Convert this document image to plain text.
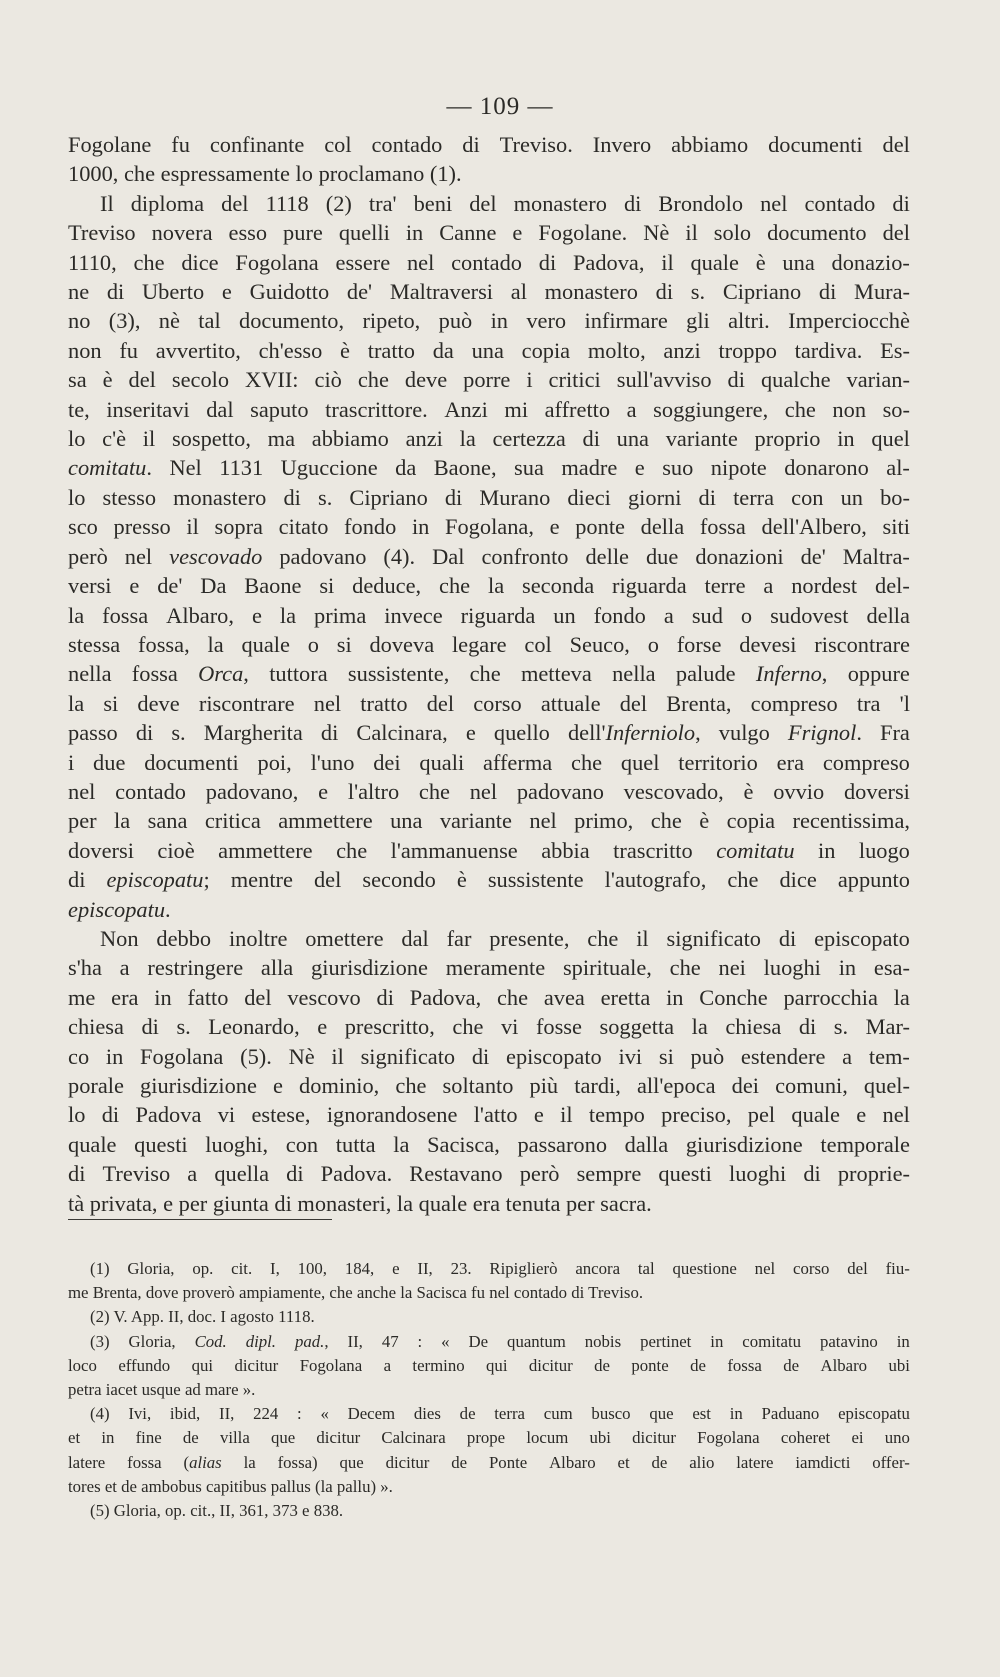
— 109 —
Fogolane fu confinante col contado di Treviso. Invero abbiamo documenti del
1000, che espressamente lo proclamano (1).
Il diploma del 1118 (2) tra' beni del monastero di Brondolo nel contado di
Treviso novera esso pure quelli in Canne e Fogolane. Nè il solo documento del
1110, che dice Fogolana essere nel contado di Padova, il quale è una donazio-
ne di Uberto e Guidotto de' Maltraversi al monastero di s. Cipriano di Mura-
no (3), nè tal documento, ripeto, può in vero infirmare gli altri. Imperciocchè
non fu avvertito, ch'esso è tratto da una copia molto, anzi troppo tardiva. Es-
sa è del secolo XVII: ciò che deve porre i critici sull'avviso di qualche varian-
te, inseritavi dal saputo trascrittore. Anzi mi affretto a soggiungere, che non so-
lo c'è il sospetto, ma abbiamo anzi la certezza di una variante proprio in quel
comitatu. Nel 1131 Uguccione da Baone, sua madre e suo nipote donarono al-
lo stesso monastero di s. Cipriano di Murano dieci giorni di terra con un bo-
sco presso il sopra citato fondo in Fogolana, e ponte della fossa dell'Albero, siti
però nel vescovado padovano (4). Dal confronto delle due donazioni de' Maltra-
versi e de' Da Baone si deduce, che la seconda riguarda terre a nordest del-
la fossa Albaro, e la prima invece riguarda un fondo a sud o sudovest della
stessa fossa, la quale o si doveva legare col Seuco, o forse devesi riscontrare
nella fossa Orca, tuttora sussistente, che metteva nella palude Inferno, oppure
la si deve riscontrare nel tratto del corso attuale del Brenta, compreso tra 'l
passo di s. Margherita di Calcinara, e quello dell'Inferniolo, vulgo Frignol. Fra
i due documenti poi, l'uno dei quali afferma che quel territorio era compreso
nel contado padovano, e l'altro che nel padovano vescovado, è ovvio doversi
per la sana critica ammettere una variante nel primo, che è copia recentissima,
doversi cioè ammettere che l'ammanuense abbia trascritto comitatu in luogo
di episcopatu; mentre del secondo è sussistente l'autografo, che dice appunto
episcopatu .
Non debbo inoltre omettere dal far presente, che il significato di episcopato
s'ha a restringere alla giurisdizione meramente spirituale, che nei luoghi in esa-
me era in fatto del vescovo di Padova, che avea eretta in Conche parrocchia la
chiesa di s. Leonardo, e prescritto, che vi fosse soggetta la chiesa di s. Mar-
co in Fogolana (5). Nè il significato di episcopato ivi si può estendere a tem-
porale giurisdizione e dominio, che soltanto più tardi, all'epoca dei comuni, quel-
lo di Padova vi estese, ignorandosene l'atto e il tempo preciso, pel quale e nel
quale questi luoghi, con tutta la Sacisca, passarono dalla giurisdizione temporale
di Treviso a quella di Padova. Restavano però sempre questi luoghi di proprie-
tà privata, e per giunta di monasteri, la quale era tenuta per sacra.
(1) Gloria, op. cit. I, 100, 184, e II, 23. Ripiglierò ancora tal questione nel corso del fiu-
me Brenta, dove proverò ampiamente, che anche la Sacisca fu nel contado di Treviso.
(2) V. App. II, doc. I agosto 1118.
(3) Gloria, Cod. dipl. pad., II, 47 : « De quantum nobis pertinet in comitatu patavino in
loco effundo qui dicitur Fogolana a termino qui dicitur de ponte de fossa de Albaro ubi
petra iacet usque ad mare ».
(4) Ivi, ibid, II, 224 : « Decem dies de terra cum busco que est in Paduano episcopatu
et in fine de villa que dicitur Calcinara prope locum ubi dicitur Fogolana coheret ei uno
latere fossa (alias la fossa) que dicitur de Ponte Albaro et de alio latere iamdicti offer-
tores et de ambobus capitibus pallus (la pallu) ».
(5) Gloria, op. cit., II, 361, 373 e 838.
